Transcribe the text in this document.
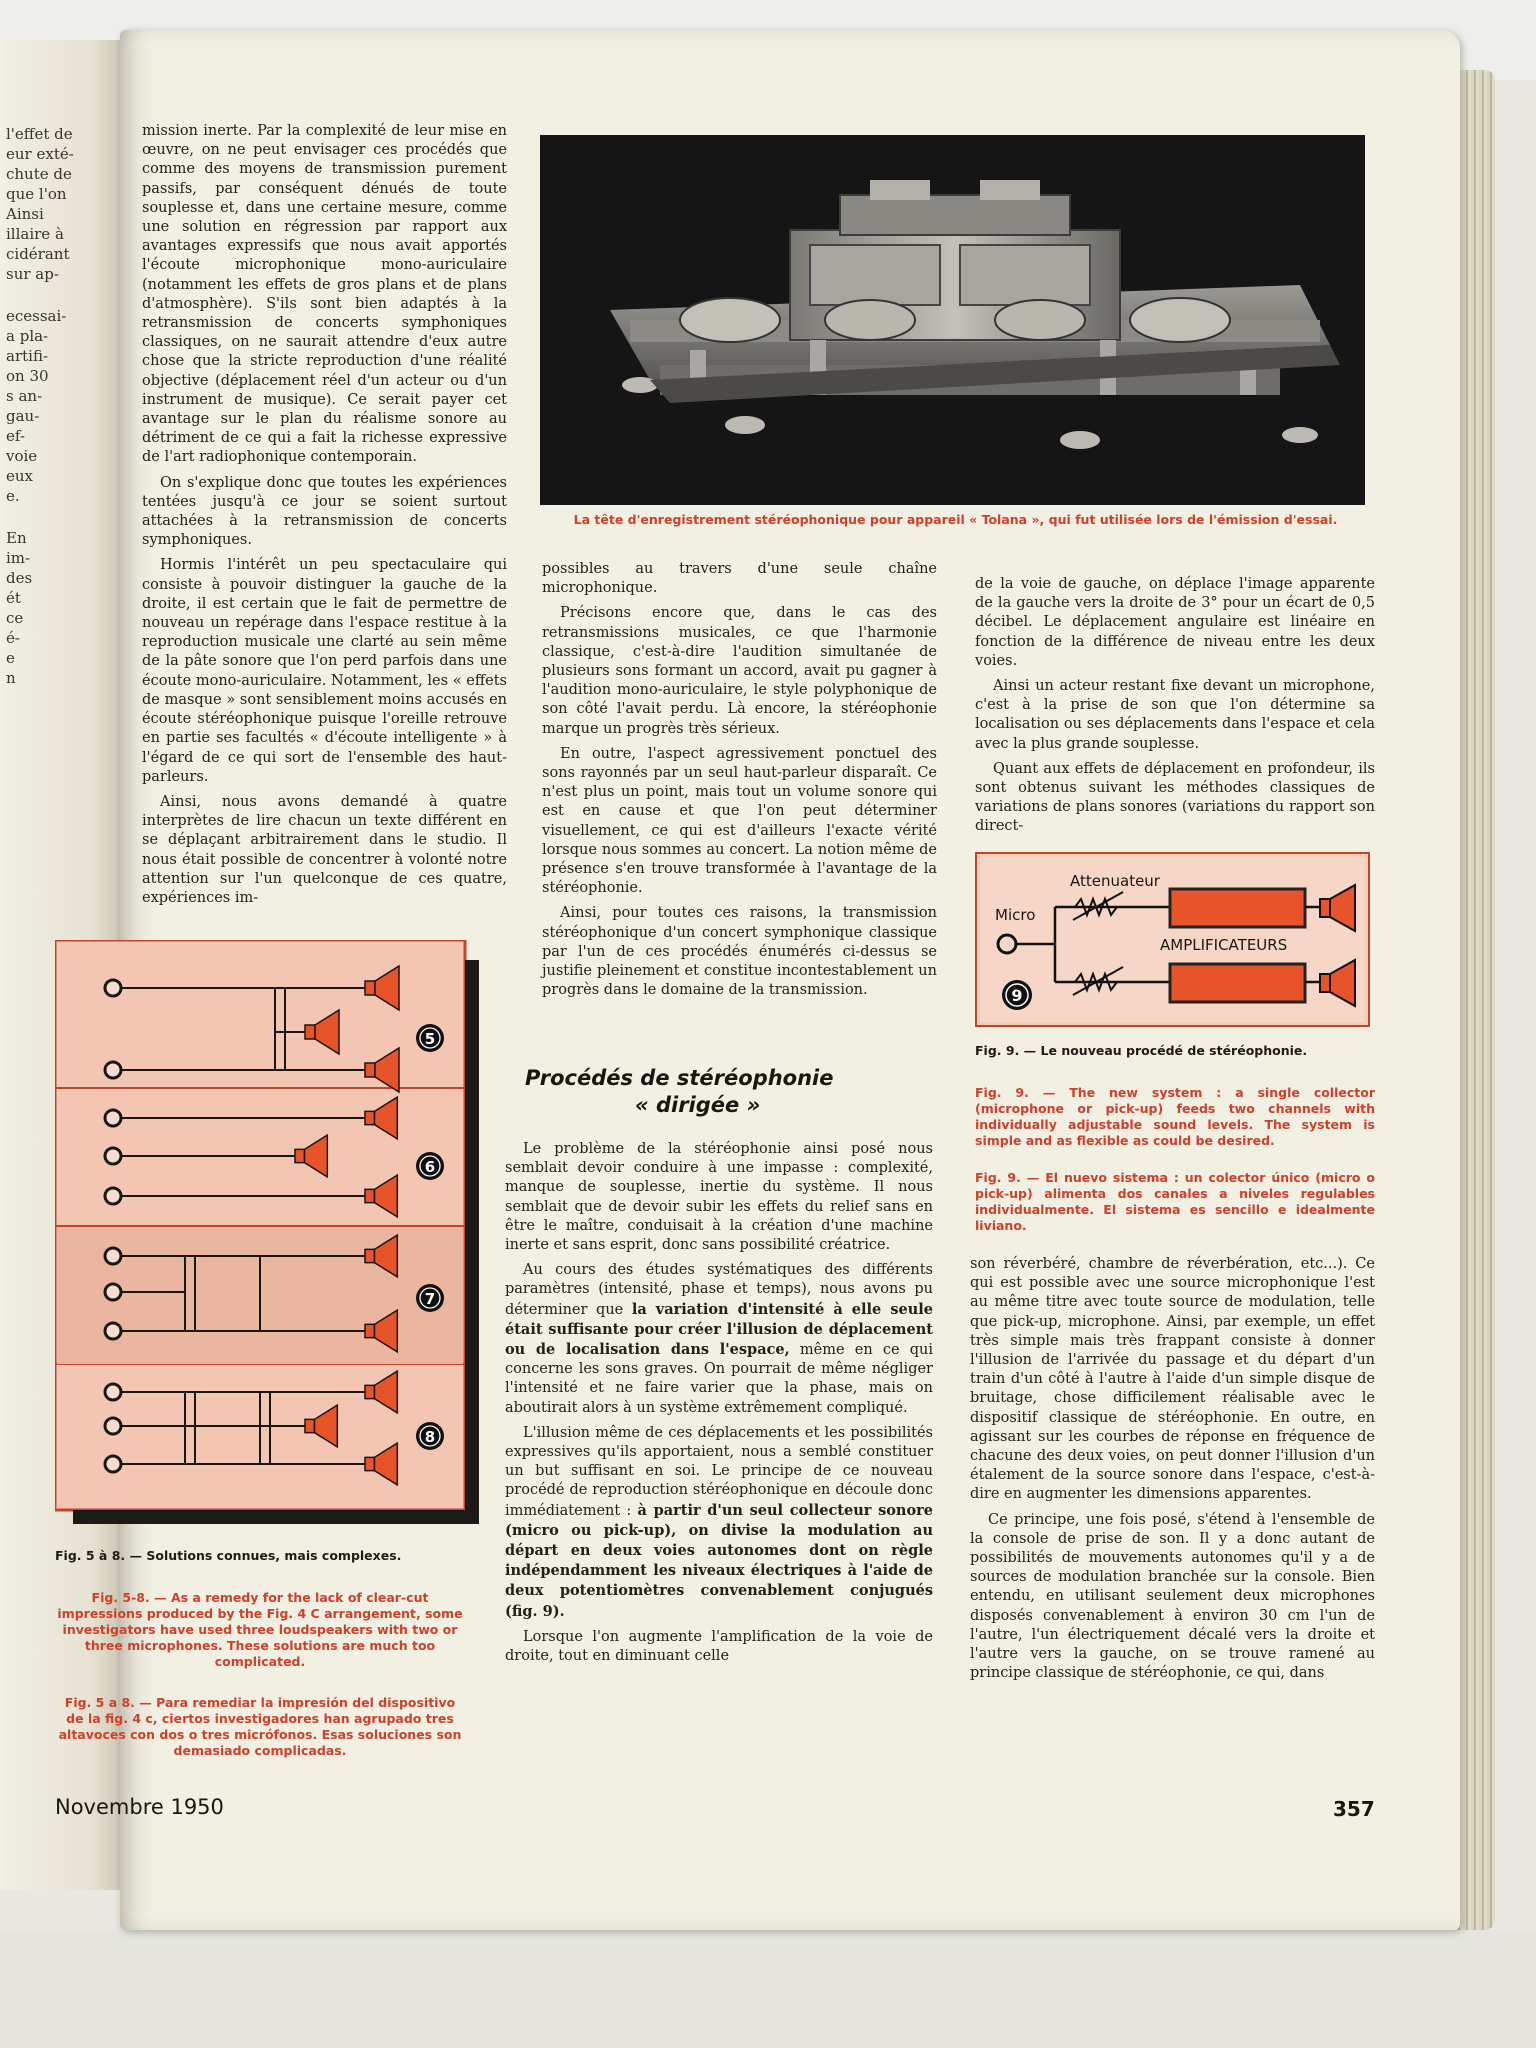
l'effet de
eur exté-
chute de
que l'on
Ainsi
illaire à
cidérant
sur ap-
ecessai-
a pla-
artifi-
on 30
s an-
gau-
ef-
voie
eux
e.
En
im-
des
ét
ce
é-
e
n

mission inerte. Par la complexité de leur mise en œuvre, on ne peut envisager ces procédés que comme des moyens de transmission purement passifs, par conséquent dénués de toute souplesse et, dans une certaine mesure, comme une solution en régression par rapport aux avantages expressifs que nous avait apportés l'écoute microphonique mono-auriculaire (notamment les effets de gros plans et de plans d'atmosphère). S'ils sont bien adaptés à la retransmission de concerts symphoniques classiques, on ne saurait attendre d'eux autre chose que la stricte reproduction d'une réalité objective (déplacement réel d'un acteur ou d'un instrument de musique). Ce serait payer cet avantage sur le plan du réalisme sonore au détriment de ce qui a fait la richesse expressive de l'art radiophonique contemporain.

On s'explique donc que toutes les expériences tentées jusqu'à ce jour se soient surtout attachées à la retransmission de concerts symphoniques.

Hormis l'intérêt un peu spectaculaire qui consiste à pouvoir distinguer la gauche de la droite, il est certain que le fait de permettre de nouveau un repérage dans l'espace restitue à la reproduction musicale une clarté au sein même de la pâte sonore que l'on perd parfois dans une écoute mono-auriculaire. Notamment, les « effets de masque » sont sensiblement moins accusés en écoute stéréophonique puisque l'oreille retrouve en partie ses facultés « d'écoute intelligente » à l'égard de ce qui sort de l'ensemble des haut-parleurs.

Ainsi, nous avons demandé à quatre interprètes de lire chacun un texte différent en se déplaçant arbitrairement dans le studio. Il nous était possible de concentrer à volonté notre attention sur l'un quelconque de ces quatre, expériences im-

La tête d'enregistrement stéréophonique pour appareil « Tolana », qui fut utilisée lors de l'émission d'essai.

possibles au travers d'une seule chaîne microphonique.

Précisons encore que, dans le cas des retransmissions musicales, ce que l'harmonie classique, c'est-à-dire l'audition simultanée de plusieurs sons formant un accord, avait pu gagner à l'audition mono-auriculaire, le style polyphonique de son côté l'avait perdu. Là encore, la stéréophonie marque un progrès très sérieux.

En outre, l'aspect agressivement ponctuel des sons rayonnés par un seul haut-parleur disparaît. Ce n'est plus un point, mais tout un volume sonore qui est en cause et que l'on peut déterminer visuellement, ce qui est d'ailleurs l'exacte vérité lorsque nous sommes au concert. La notion même de présence s'en trouve transformée à l'avantage de la stéréophonie.

Ainsi, pour toutes ces raisons, la transmission stéréophonique d'un concert symphonique classique par l'un de ces procédés énumérés ci-dessus se justifie pleinement et constitue incontestablement un progrès dans le domaine de la transmission.

Procédés de stéréophonie
« dirigée »

Le problème de la stéréophonie ainsi posé nous semblait devoir conduire à une impasse : complexité, manque de souplesse, inertie du système. Il nous semblait que de devoir subir les effets du relief sans en être le maître, conduisait à la création d'une machine inerte et sans esprit, donc sans possibilité créatrice.

Au cours des études systématiques des différents paramètres (intensité, phase et temps), nous avons pu déterminer que la variation d'intensité à elle seule était suffisante pour créer l'illusion de déplacement ou de localisation dans l'espace, même en ce qui concerne les sons graves. On pourrait de même négliger l'intensité et ne faire varier que la phase, mais on aboutirait alors à un système extrêmement compliqué.

L'illusion même de ces déplacements et les possibilités expressives qu'ils apportaient, nous a semblé constituer un but suffisant en soi. Le principe de ce nouveau procédé de reproduction stéréophonique en découle donc immédiatement : à partir d'un seul collecteur sonore (micro ou pick-up), on divise la modulation au départ en deux voies autonomes dont on règle indépendamment les niveaux électriques à l'aide de deux potentiomètres convenablement conjugués (fig. 9).

Lorsque l'on augmente l'amplification de la voie de droite, tout en diminuant celle

de la voie de gauche, on déplace l'image apparente de la gauche vers la droite de 3° pour un écart de 0,5 décibel. Le déplacement angulaire est linéaire en fonction de la différence de niveau entre les deux voies.

Ainsi un acteur restant fixe devant un microphone, c'est à la prise de son que l'on détermine sa localisation ou ses déplacements dans l'espace et cela avec la plus grande souplesse.

Quant aux effets de déplacement en profondeur, ils sont obtenus suivant les méthodes classiques de variations de plans sonores (variations du rapport son direct-

Attenuateur
Micro
AMPLIFICATEURS
9
Fig. 9. — Le nouveau procédé de stéréophonie.
Fig. 9. — The new system : a single collector (microphone or pick-up) feeds two channels with individually adjustable sound levels. The system is simple and as flexible as could be desired.
Fig. 9. — El nuevo sistema : un colector único (micro o pick-up) alimenta dos canales a niveles regulables individualmente. El sistema es sencillo e idealmente liviano.

son réverbéré, chambre de réverbération, etc...). Ce qui est possible avec une source microphonique l'est au même titre avec toute source de modulation, telle que pick-up, microphone. Ainsi, par exemple, un effet très simple mais très frappant consiste à donner l'illusion de l'arrivée du passage et du départ d'un train d'un côté à l'autre à l'aide d'un simple disque de bruitage, chose difficilement réalisable avec le dispositif classique de stéréophonie. En outre, en agissant sur les courbes de réponse en fréquence de chacune des deux voies, on peut donner l'illusion d'un étalement de la source sonore dans l'espace, c'est-à-dire en augmenter les dimensions apparentes.

Ce principe, une fois posé, s'étend à l'ensemble de la console de prise de son. Il y a donc autant de possibilités de mouvements autonomes qu'il y a de sources de modulation branchée sur la console. Bien entendu, en utilisant seulement deux microphones disposés convenablement à environ 30 cm l'un de l'autre, l'un électriquement décalé vers la droite et l'autre vers la gauche, on se trouve ramené au principe classique de stéréophonie, ce qui, dans

5
6
7
8
Fig. 5 à 8. — Solutions connues, mais complexes.
Fig. 5-8. — As a remedy for the lack of clear-cut impressions produced by the Fig. 4 C arrangement, some investigators have used three loudspeakers with two or three microphones. These solutions are much too complicated.
Fig. 5 a 8. — Para remediar la impresión del dispositivo de la fig. 4 c, ciertos investigadores han agrupado tres altavoces con dos o tres micrófonos. Esas soluciones son demasiado complicadas.
Novembre 1950	357
